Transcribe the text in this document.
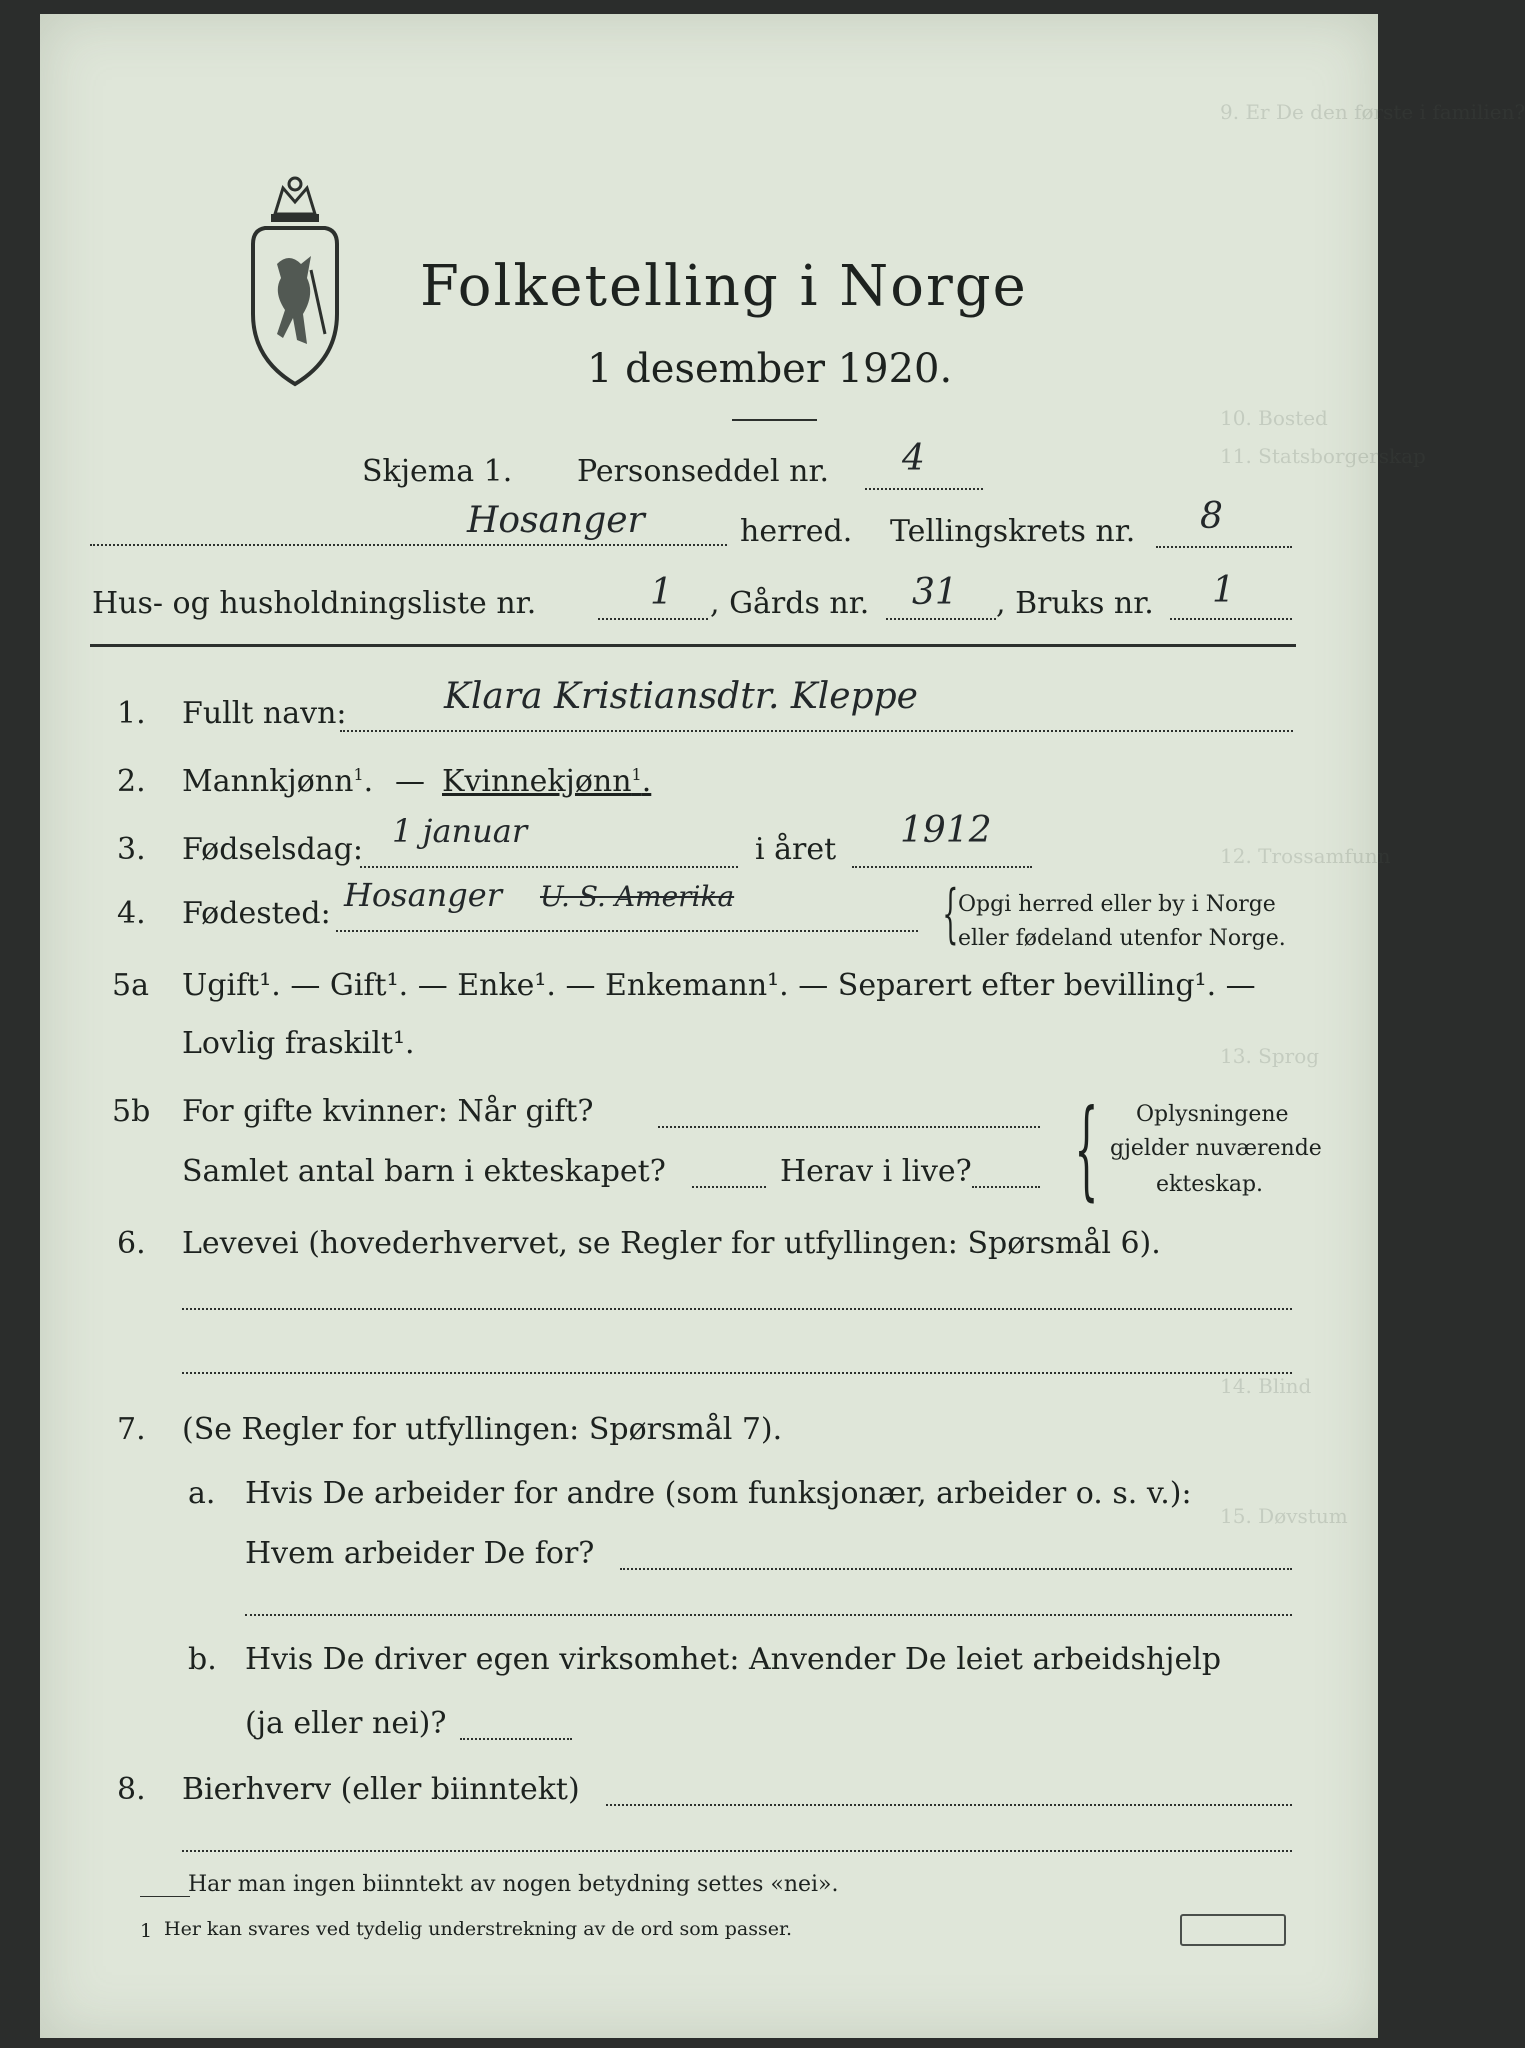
9. Er De den første i familien?
10. Bosted
11. Statsborgerskap
12. Trossamfunn
13. Sprog
14. Blind
15. Døvstum
Folketelling i Norge
1 desember 1920.
Skjema 1. Personseddel nr. 4
Hosanger	herred. Tellingskrets nr. 8
Hus- og husholdningsliste nr.	1 , Gårds nr. 31 , Bruks nr. 1
1. Fullt navn:	Klara Kristiansdtr. Kleppe
2. Mannkjønn$^1$. — Kvinnekjønn$^1$.
3. Fødselsdag: 1 januar	i året 1912
4. Fødested: Hosanger U. S. Amerika	{ Opgi herred eller by i Norge
eller fødeland utenfor Norge.
5a Ugift¹. — Gift¹. — Enke¹. — Enkemann¹. — Separert efter bevilling¹. —
Lovlig fraskilt¹.
5b For gifte kvinner: Når gift?
Samlet antal barn i ekteskapet?	Herav i live? { Oplysningene
gjelder nuværende
ekteskap.
6. Levevei (hovederhvervet, se Regler for utfyllingen: Spørsmål 6).
7. (Se Regler for utfyllingen: Spørsmål 7).
a. Hvis De arbeider for andre (som funksjonær, arbeider o. s. v.):
Hvem arbeider De for?
b. Hvis De driver egen virksomhet: Anvender De leiet arbeidshjelp
(ja eller nei)?
8. Bierhverv (eller biinntekt)
Har man ingen biinntekt av nogen betydning settes «nei».
1 Her kan svares ved tydelig understrekning av de ord som passer.
